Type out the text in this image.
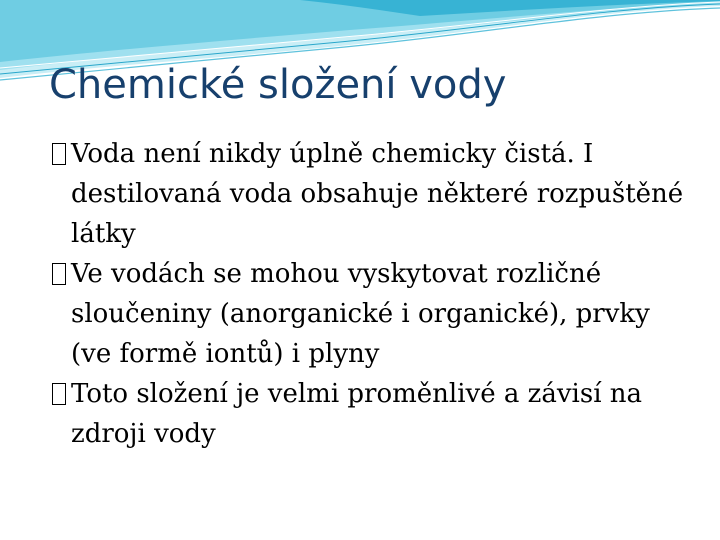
Chemické složení vody
Voda není nikdy úplně chemicky čistá. I destilovaná voda obsahuje některé rozpuštěné látky
Ve vodách se mohou vyskytovat rozličné sloučeniny (anorganické i organické), prvky (ve formě iontů) i plyny
Toto složení je velmi proměnlivé a závisí na zdroji vody
